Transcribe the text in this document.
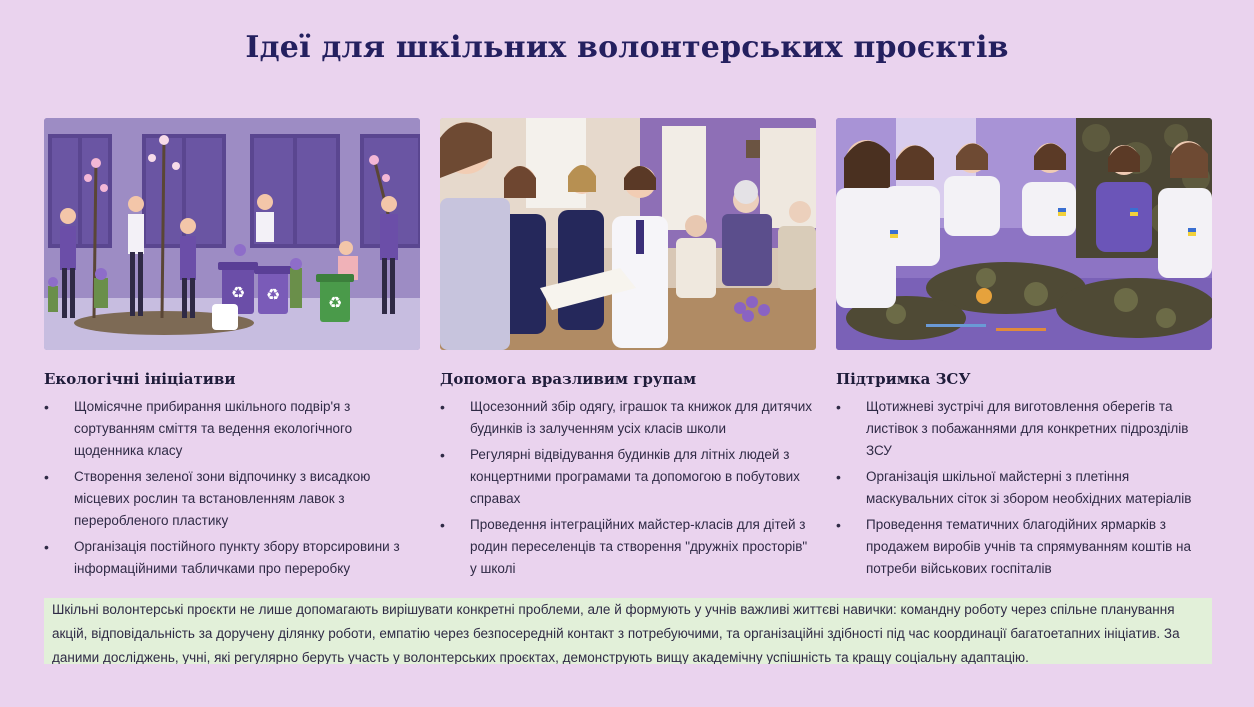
Ідеї для шкільних волонтерських проєктів
♻ ♻	♻
Екологічні ініціативи
• Щомісячне прибирання шкільного подвір'я з сортуванням сміття та ведення екологічного щоденника класу
• Створення зеленої зони відпочинку з висадкою місцевих рослин та встановленням лавок з переробленого пластику
• Організація постійного пункту збору вторсировини з інформаційними табличками про переробку
Допомога вразливим групам
• Щосезонний збір одягу, іграшок та книжок для дитячих будинків із залученням усіх класів школи
• Регулярні відвідування будинків для літніх людей з концертними програмами та допомогою в побутових справах
• Проведення інтеграційних майстер-класів для дітей з родин переселенців та створення "дружніх просторів" у школі
Підтримка ЗСУ
• Щотижневі зустрічі для виготовлення оберегів та листівок з побажаннями для конкретних підрозділів ЗСУ
• Організація шкільної майстерні з плетіння маскувальних сіток зі збором необхідних матеріалів
• Проведення тематичних благодійних ярмарків з продажем виробів учнів та спрямуванням коштів на потреби військових госпіталів
Шкільні волонтерські проєкти не лише допомагають вирішувати конкретні проблеми, але й формують у учнів важливі життєві навички: командну роботу через спільне планування акцій, відповідальність за доручену ділянку роботи, емпатію через безпосередній контакт з потребуючими, та організаційні здібності під час координації багатоетапних ініціатив. За даними досліджень, учні, які регулярно беруть участь у волонтерських проєктах, демонструють вищу академічну успішність та кращу соціальну адаптацію.
